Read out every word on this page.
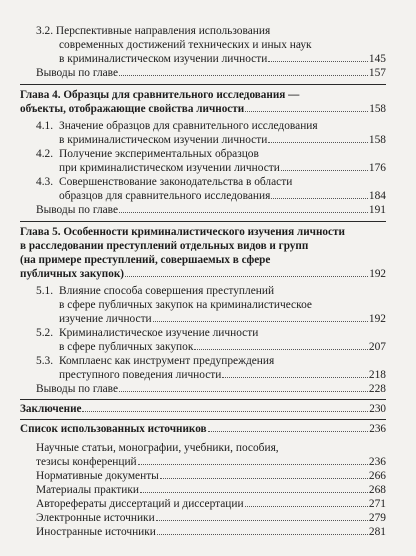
3.2. Перспективные направления использования
современных достижений технических и иных наук
в криминалистическом изучении личности	145
Выводы по главе	157
Глава 4. Образцы для сравнительного исследования —
объекты, отображающие свойства личности	158
4.1. Значение образцов для сравнительного исследования
в криминалистическом изучении личности	158
4.2. Получение экспериментальных образцов
при криминалистическом изучении личности	176
4.3. Совершенствование законодательства в области
образцов для сравнительного исследования	184
Выводы по главе	191
Глава 5. Особенности криминалистического изучения личности
в расследовании преступлений отдельных видов и групп
(на примере преступлений, совершаемых в сфере
публичных закупок)	192
5.1. Влияние способа совершения преступлений
в сфере публичных закупок на криминалистическое
изучение личности	192
5.2. Криминалистическое изучение личности
в сфере публичных закупок	207
5.3. Комплаенс как инструмент предупреждения
преступного поведения личности	218
Выводы по главе	228
Заключение	230
Список использованных источников	236
Научные статьи, монографии, учебники, пособия,
тезисы конференций	236
Нормативные документы	266
Материалы практики	268
Автореферaты диссертаций и диссертации	271
Электронные источники	279
Иностранные источники	281
